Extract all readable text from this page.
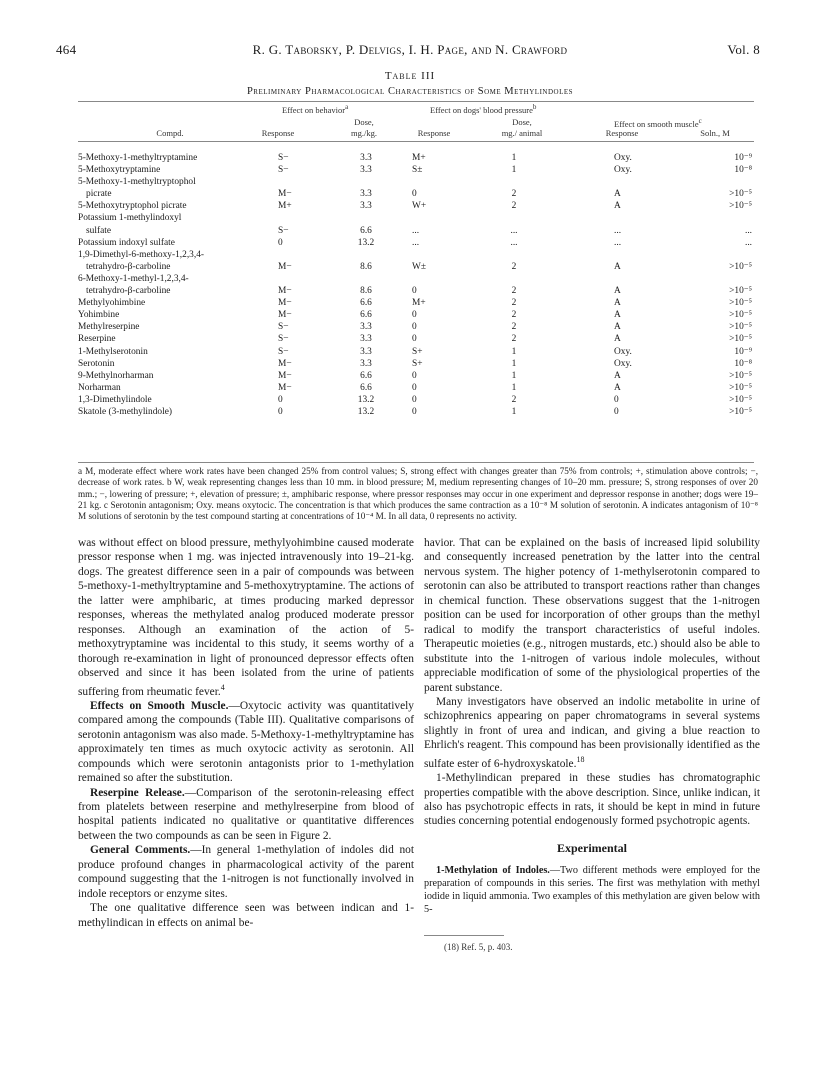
464	R. G. Taborsky, P. Delvigs, I. H. Page, and N. Crawford	Vol. 8
Table III
Preliminary Pharmacological Characteristics of Some Methylindoles
Effect on behavior$^a$	Effect on dogs' blood pressure$^b$
Effect on smooth muscle$^c$
Dose,	Dose,
Compd.	Response	mg./kg.	Response	mg./ animal	Response	Soln., M
5-Methoxy-1-methyltryptamine	S−	3.3	M+	1	Oxy.	10⁻⁹
5-Methoxytryptamine	S−	3.3	S±	1	Oxy.	10⁻⁸
5-Methoxy-1-methyltryptophol
picrate	M−	3.3	0	2	A	>10⁻⁵
5-Methoxytryptophol picrate	M+	3.3	W+	2	A	>10⁻⁵
Potassium 1-methylindoxyl
sulfate	S−	6.6	...	...	...	...
Potassium indoxyl sulfate	0	13.2	...	...	...	...
1,9-Dimethyl-6-methoxy-1,2,3,4-
tetrahydro-β-carboline	M−	8.6	W±	2	A	>10⁻⁵
6-Methoxy-1-methyl-1,2,3,4-
tetrahydro-β-carboline	M−	8.6	0	2	A	>10⁻⁵
Methylyohimbine	M−	6.6	M+	2	A	>10⁻⁵
Yohimbine	M−	6.6	0	2	A	>10⁻⁵
Methylreserpine	S−	3.3	0	2	A	>10⁻⁵
Reserpine	S−	3.3	0	2	A	>10⁻⁵
1-Methylserotonin	S−	3.3	S+	1	Oxy.	10⁻⁹
Serotonin	M−	3.3	S+	1	Oxy.	10⁻⁸
9-Methylnorharman	M−	6.6	0	1	A	>10⁻⁵
Norharman	M−	6.6	0	1	A	>10⁻⁵
1,3-Dimethylindole	0	13.2	0	2	0	>10⁻⁵
Skatole (3-methylindole)	0	13.2	0	1	0	>10⁻⁵
a M, moderate effect where work rates have been changed 25% from control values; S, strong effect with changes greater than 75% from controls; +, stimulation above controls; −, decrease of work rates. b W, weak representing changes less than 10 mm. in blood pressure; M, medium representing changes of 10–20 mm. pressure; S, strong responses of over 20 mm.; −, lowering of pressure; +, elevation of pressure; ±, amphibaric response, where pressor responses may occur in one experiment and depressor response in another; dogs were 19–21 kg. c Serotonin antagonism; Oxy. means oxytocic. The concentration is that which produces the same contraction as a 10⁻⁸ M solution of serotonin. A indicates antagonism of 10⁻⁸ M solutions of serotonin by the test compound starting at concentrations of 10⁻⁴ M. In all data, 0 represents no activity.

was without effect on blood pressure, methylyohimbine caused moderate pressor response when 1 mg. was injected intravenously into 19–21-kg. dogs. The greatest difference seen in a pair of compounds was between 5-methoxy-1-methyltryptamine and 5-methoxytryptamine. The actions of the latter were amphibaric, at times producing marked depressor responses, whereas the methylated analog produced moderate pressor responses. Although an examination of the action of 5-methoxytryptamine was incidental to this study, it seems worthy of a thorough re-examination in light of pronounced depressor effects often observed and since it has been isolated from the urine of patients suffering from rheumatic fever.$^4$

Effects on Smooth Muscle.—Oxytocic activity was quantitatively compared among the compounds (Table III). Qualitative comparisons of serotonin antagonism was also made. 5-Methoxy-1-methyltryptamine has approximately ten times as much oxytocic activity as serotonin. All compounds which were serotonin antagonists prior to 1-methylation remained so after the substitution.

Reserpine Release.—Comparison of the serotonin-releasing effect from platelets between reserpine and methylreserpine from blood of hospital patients indicated no qualitative or quantitative differences between the two compounds as can be seen in Figure 2.

General Comments.—In general 1-methylation of indoles did not produce profound changes in pharmacological activity of the parent compound suggesting that the 1-nitrogen is not functionally involved in indole receptors or enzyme sites.

The one qualitative difference seen was between indican and 1-methylindican in effects on animal be-

havior. That can be explained on the basis of increased lipid solubility and consequently increased penetration by the latter into the central nervous system. The higher potency of 1-methylserotonin compared to serotonin can also be attributed to transport reactions rather than changes in chemical function. These observations suggest that the 1-nitrogen position can be used for incorporation of other groups than the methyl radical to modify the transport characteristics of useful indoles. Therapeutic moieties (e.g., nitrogen mustards, etc.) should also be able to substitute into the 1-nitrogen of various indole molecules, without appreciable modification of some of the physiological properties of the parent substance.

Many investigators have observed an indolic metabolite in urine of schizophrenics appearing on paper chromatograms in several systems slightly in front of urea and indican, and giving a blue reaction to Ehrlich's reagent. This compound has been provisionally identified as the sulfate ester of 6-hydroxyskatole.$^{18}$

1-Methylindican prepared in these studies has chromatographic properties compatible with the above description. Since, unlike indican, it also has psychotropic effects in rats, it should be kept in mind in future studies concerning potential endogenously formed psychotropic agents.

Experimental

1-Methylation of Indoles.—Two different methods were employed for the preparation of compounds in this series. The first was methylation with methyl iodide in liquid ammonia. Two examples of this methylation are given below with 5-

(18) Ref. 5, p. 403.
